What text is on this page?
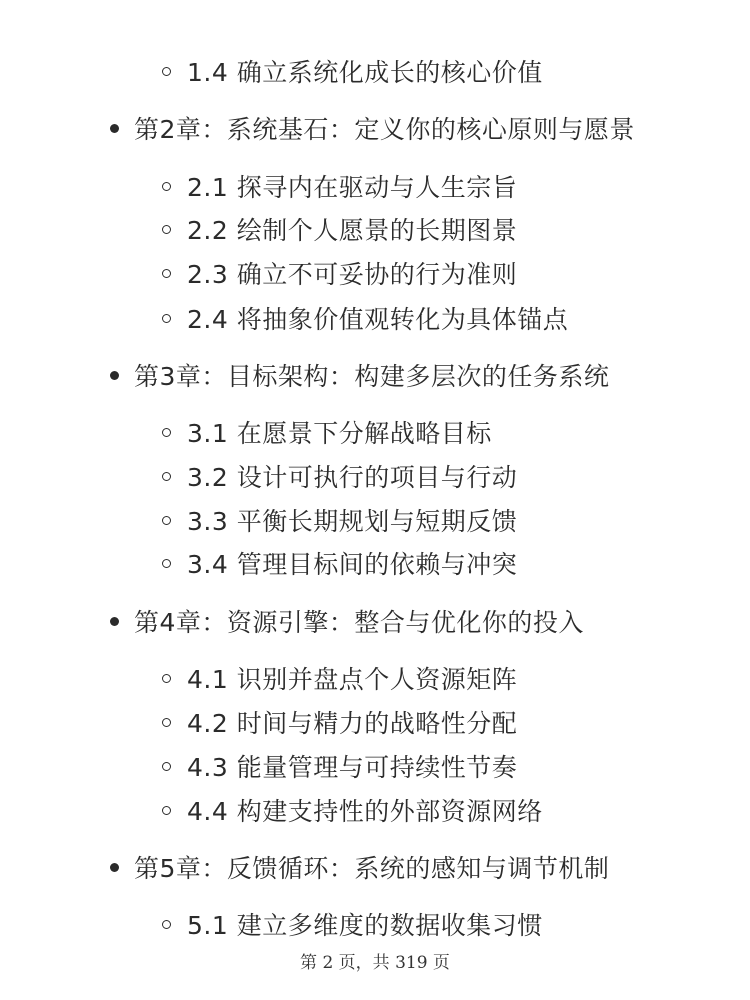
1.4 确立系统化成长的核心价值
第2章：系统基石：定义你的核心原则与愿景
2.1 探寻内在驱动与人生宗旨
2.2 绘制个人愿景的长期图景
2.3 确立不可妥协的行为准则
2.4 将抽象价值观转化为具体锚点
第3章：目标架构：构建多层次的任务系统
3.1 在愿景下分解战略目标
3.2 设计可执行的项目与行动
3.3 平衡长期规划与短期反馈
3.4 管理目标间的依赖与冲突
第4章：资源引擎：整合与优化你的投入
4.1 识别并盘点个人资源矩阵
4.2 时间与精力的战略性分配
4.3 能量管理与可持续性节奏
4.4 构建支持性的外部资源网络
第5章：反馈循环：系统的感知与调节机制
5.1 建立多维度的数据收集习惯
第 2 页，共 319 页
